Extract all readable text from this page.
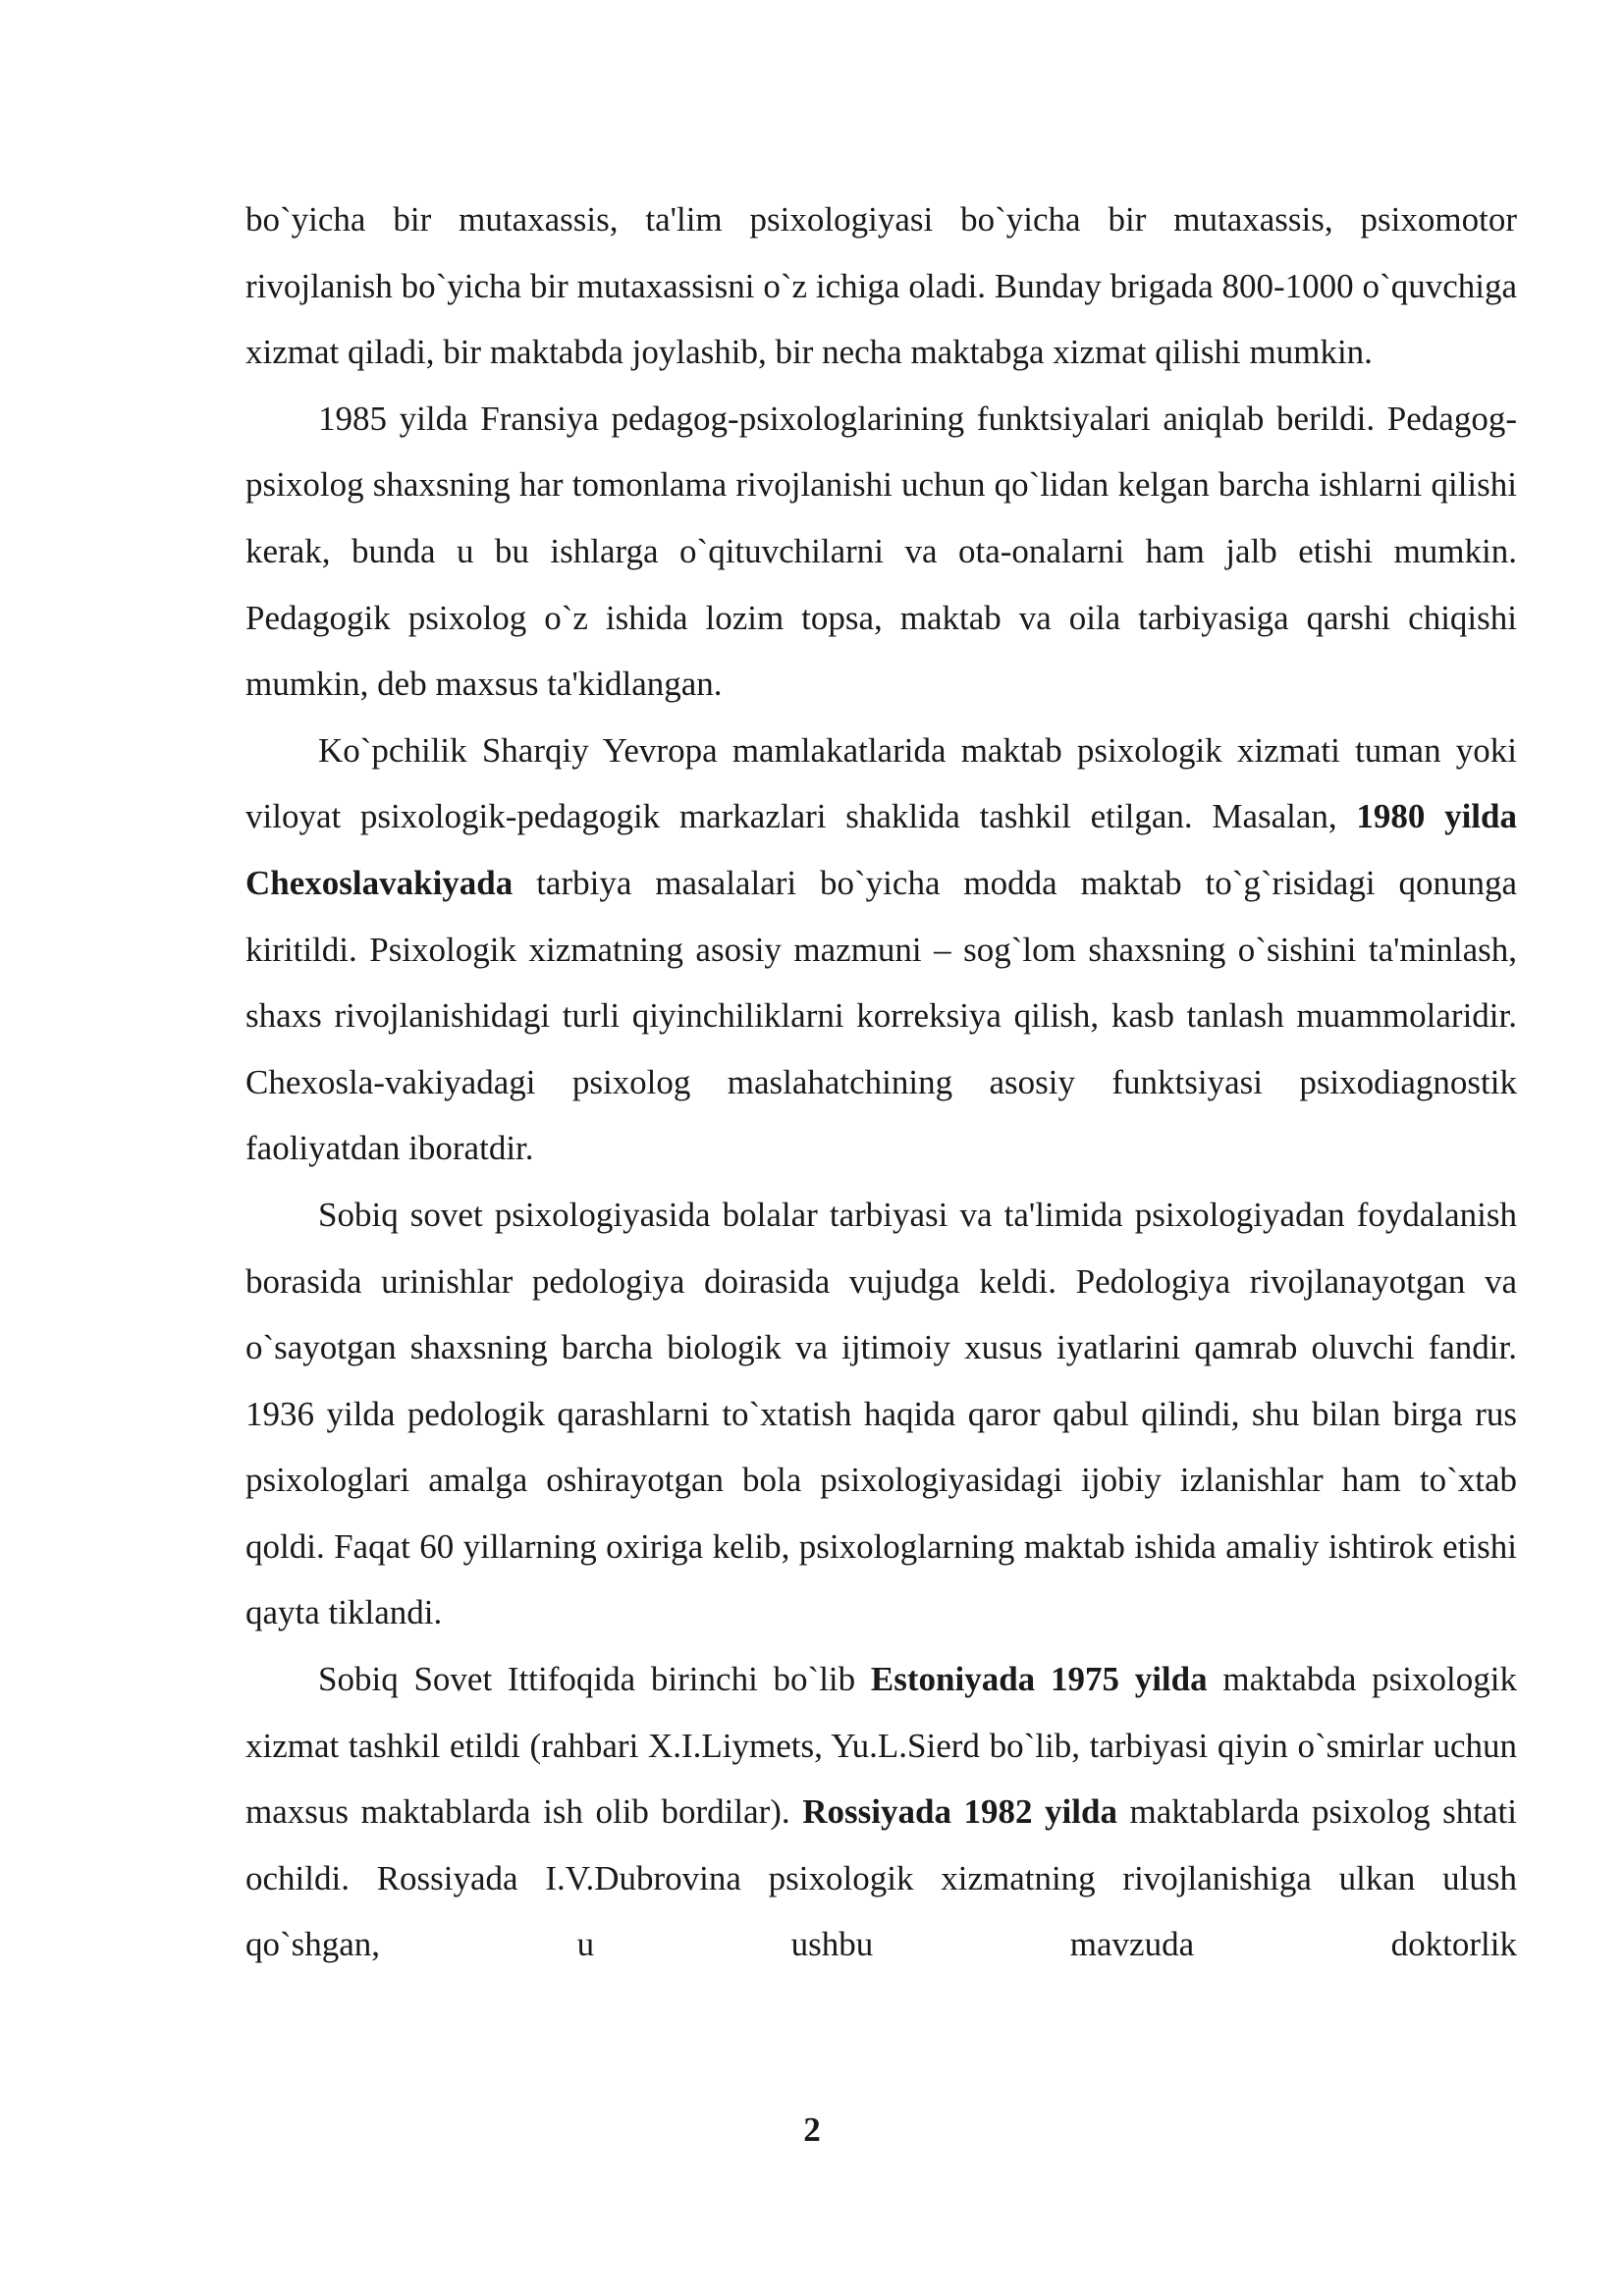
bo`yicha bir mutaxassis, ta'lim psixologiyasi bo`yicha bir mutaxassis, psixomotor rivojlanish bo`yicha bir mutaxassisni o`z ichiga oladi. Bunday brigada 800-1000 o`quvchiga xizmat qiladi, bir maktabda joylashib, bir necha maktabga xizmat qilishi mumkin.

1985 yilda Fransiya pedagog-psixologlarining funktsiyalari aniqlab berildi. Pedagog-psixolog shaxsning har tomonlama rivojlanishi uchun qo`lidan kelgan barcha ishlarni qilishi kerak, bunda u bu ishlarga o`qituvchilarni va ota-onalarni ham jalb etishi mumkin. Pedagogik psixolog o`z ishida lozim topsa, maktab va oila tarbiyasiga qarshi chiqishi mumkin, deb maxsus ta'kidlangan.

Ko`pchilik Sharqiy Yevropa mamlakatlarida maktab psixologik xizmati tuman yoki viloyat psixologik-pedagogik markazlari shaklida tashkil etilgan. Masalan, 1980 yilda Chexoslavakiyada tarbiya masalalari bo`yicha modda maktab to`g`risidagi qonunga kiritildi. Psixologik xizmatning asosiy mazmuni – sog`lom shaxsning o`sishini ta'minlash, shaxs rivojlanishidagi turli qiyinchiliklarni korreksiya qilish, kasb tanlash muammolaridir. Chexosla-vakiyadagi psixolog maslahatchining asosiy funktsiyasi psixodiagnostik faoliyatdan iboratdir.

Sobiq sovet psixologiyasida bolalar tarbiyasi va ta'limida psixologiyadan foydalanish borasida urinishlar pedologiya doirasida vujudga keldi. Pedologiya rivojlanayotgan va o`sayotgan shaxsning barcha biologik va ijtimoiy xusus iyatlarini qamrab oluvchi fandir. 1936 yilda pedologik qarashlarni to`xtatish haqida qaror qabul qilindi, shu bilan birga rus psixologlari amalga oshirayotgan bola psixologiyasidagi ijobiy izlanishlar ham to`xtab qoldi. Faqat 60 yillarning oxiriga kelib, psixologlarning maktab ishida amaliy ishtirok etishi qayta tiklandi.

Sobiq Sovet Ittifoqida birinchi bo`lib Estoniyada 1975 yilda maktabda psixologik xizmat tashkil etildi (rahbari X.I.Liymets, Yu.L.Sierd bo`lib, tarbiyasi qiyin o`smirlar uchun maxsus maktablarda ish olib bordilar). Rossiyada 1982 yilda maktablarda psixolog shtati ochildi. Rossiyada I.V.Dubrovina psixologik xizmatning rivojlanishiga ulkan ulush qo`shgan, u ushbu mavzuda doktorlik

2
